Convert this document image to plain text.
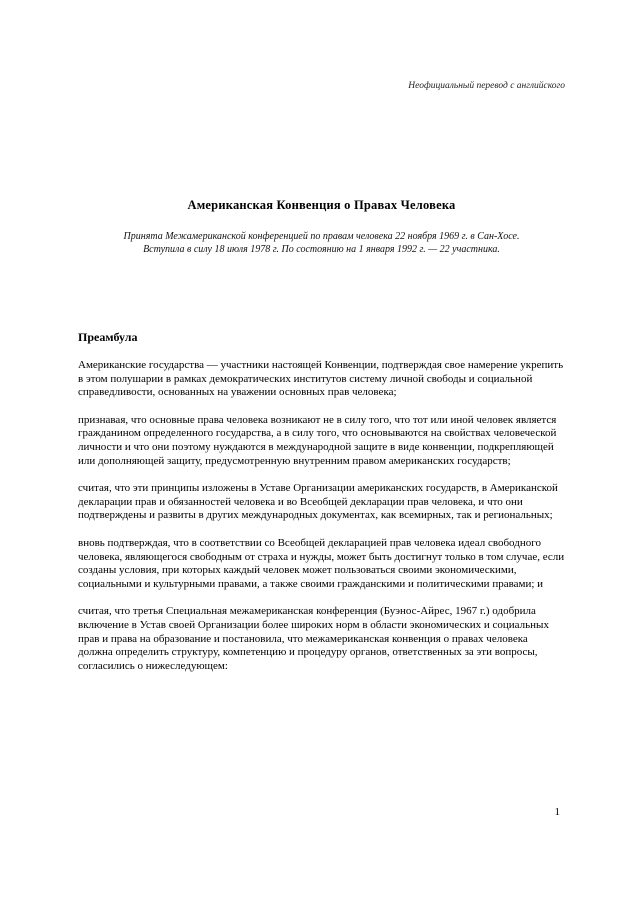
Неофициальный перевод с английского
Американская Конвенция о Правах Человека
Принята Межамериканской конференцией по правам человека 22 ноября 1969 г. в Сан-Хосе.
Вступила в силу 18 июля 1978 г. По состоянию на 1 января 1992 г. — 22 участника.
Преамбула

Американские государства — участники настоящей Конвенции, подтверждая свое намерение укрепить в этом полушарии в рамках демократических институтов систему личной свободы и социальной справедливости, основанных на уважении основных прав человека;

признавая, что основные права человека возникают не в силу того, что тот или иной человек является гражданином определенного государства, а в силу того, что основываются на свойствах человеческой личности и что они поэтому нуждаются в международной защите в виде конвенции, подкрепляющей или дополняющей защиту, предусмотренную внутренним правом американских государств;

считая, что эти принципы изложены в Уставе Организации американских государств, в Американской декларации прав и обязанностей человека и во Всеобщей декларации прав человека, и что они подтверждены и развиты в других международных документах, как всемирных, так и региональных;

вновь подтверждая, что в соответствии со Всеобщей декларацией прав человека идеал свободного человека, являющегося свободным от страха и нужды, может быть достигнут только в том случае, если созданы условия, при которых каждый человек может пользоваться своими экономическими, социальными и культурными правами, а также своими гражданскими и политическими правами; и

считая, что третья Специальная межамериканская конференция (Буэнос-Айрес, 1967 г.) одобрила включение в Устав своей Организации более широких норм в области экономических и социальных прав и права на образование и постановила, что межамериканская конвенция о правах человека должна определить структуру, компетенцию и процедуру органов, ответственных за эти вопросы, согласились о нижеследующем:

1
